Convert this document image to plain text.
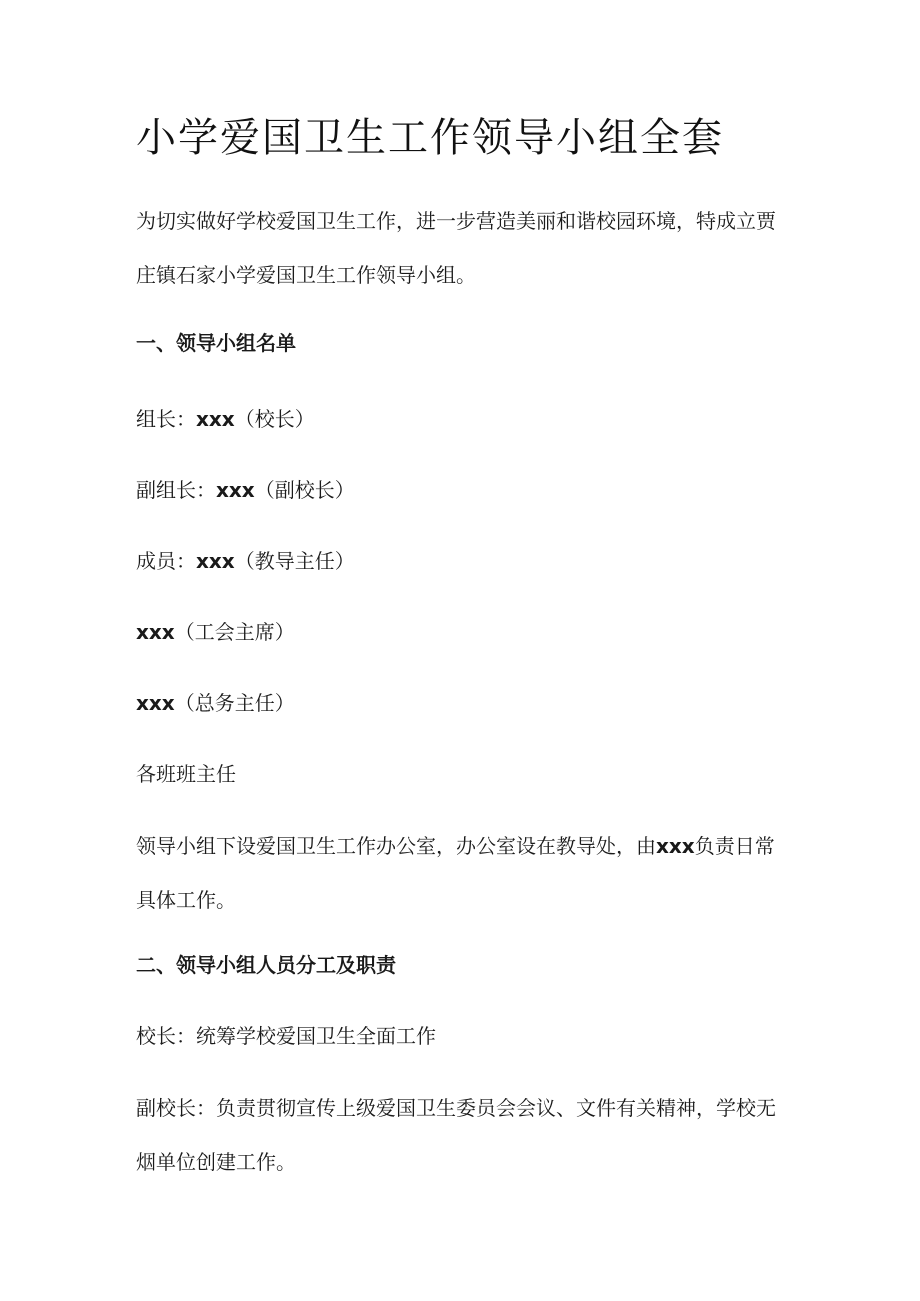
小学爱国卫生工作领导小组全套

为切实做好学校爱国卫生工作，进一步营造美丽和谐校园环境，特成立贾庄镇石家小学爱国卫生工作领导小组。

一、领导小组名单

组长：xxx（校长）

副组长：xxx（副校长）

成员：xxx（教导主任）

xxx（工会主席）

xxx（总务主任）

各班班主任

领导小组下设爱国卫生工作办公室，办公室设在教导处，由xxx负责日常具体工作。

二、领导小组人员分工及职责

校长：统筹学校爱国卫生全面工作

副校长：负责贯彻宣传上级爱国卫生委员会会议、文件有关精神，学校无烟单位创建工作。
